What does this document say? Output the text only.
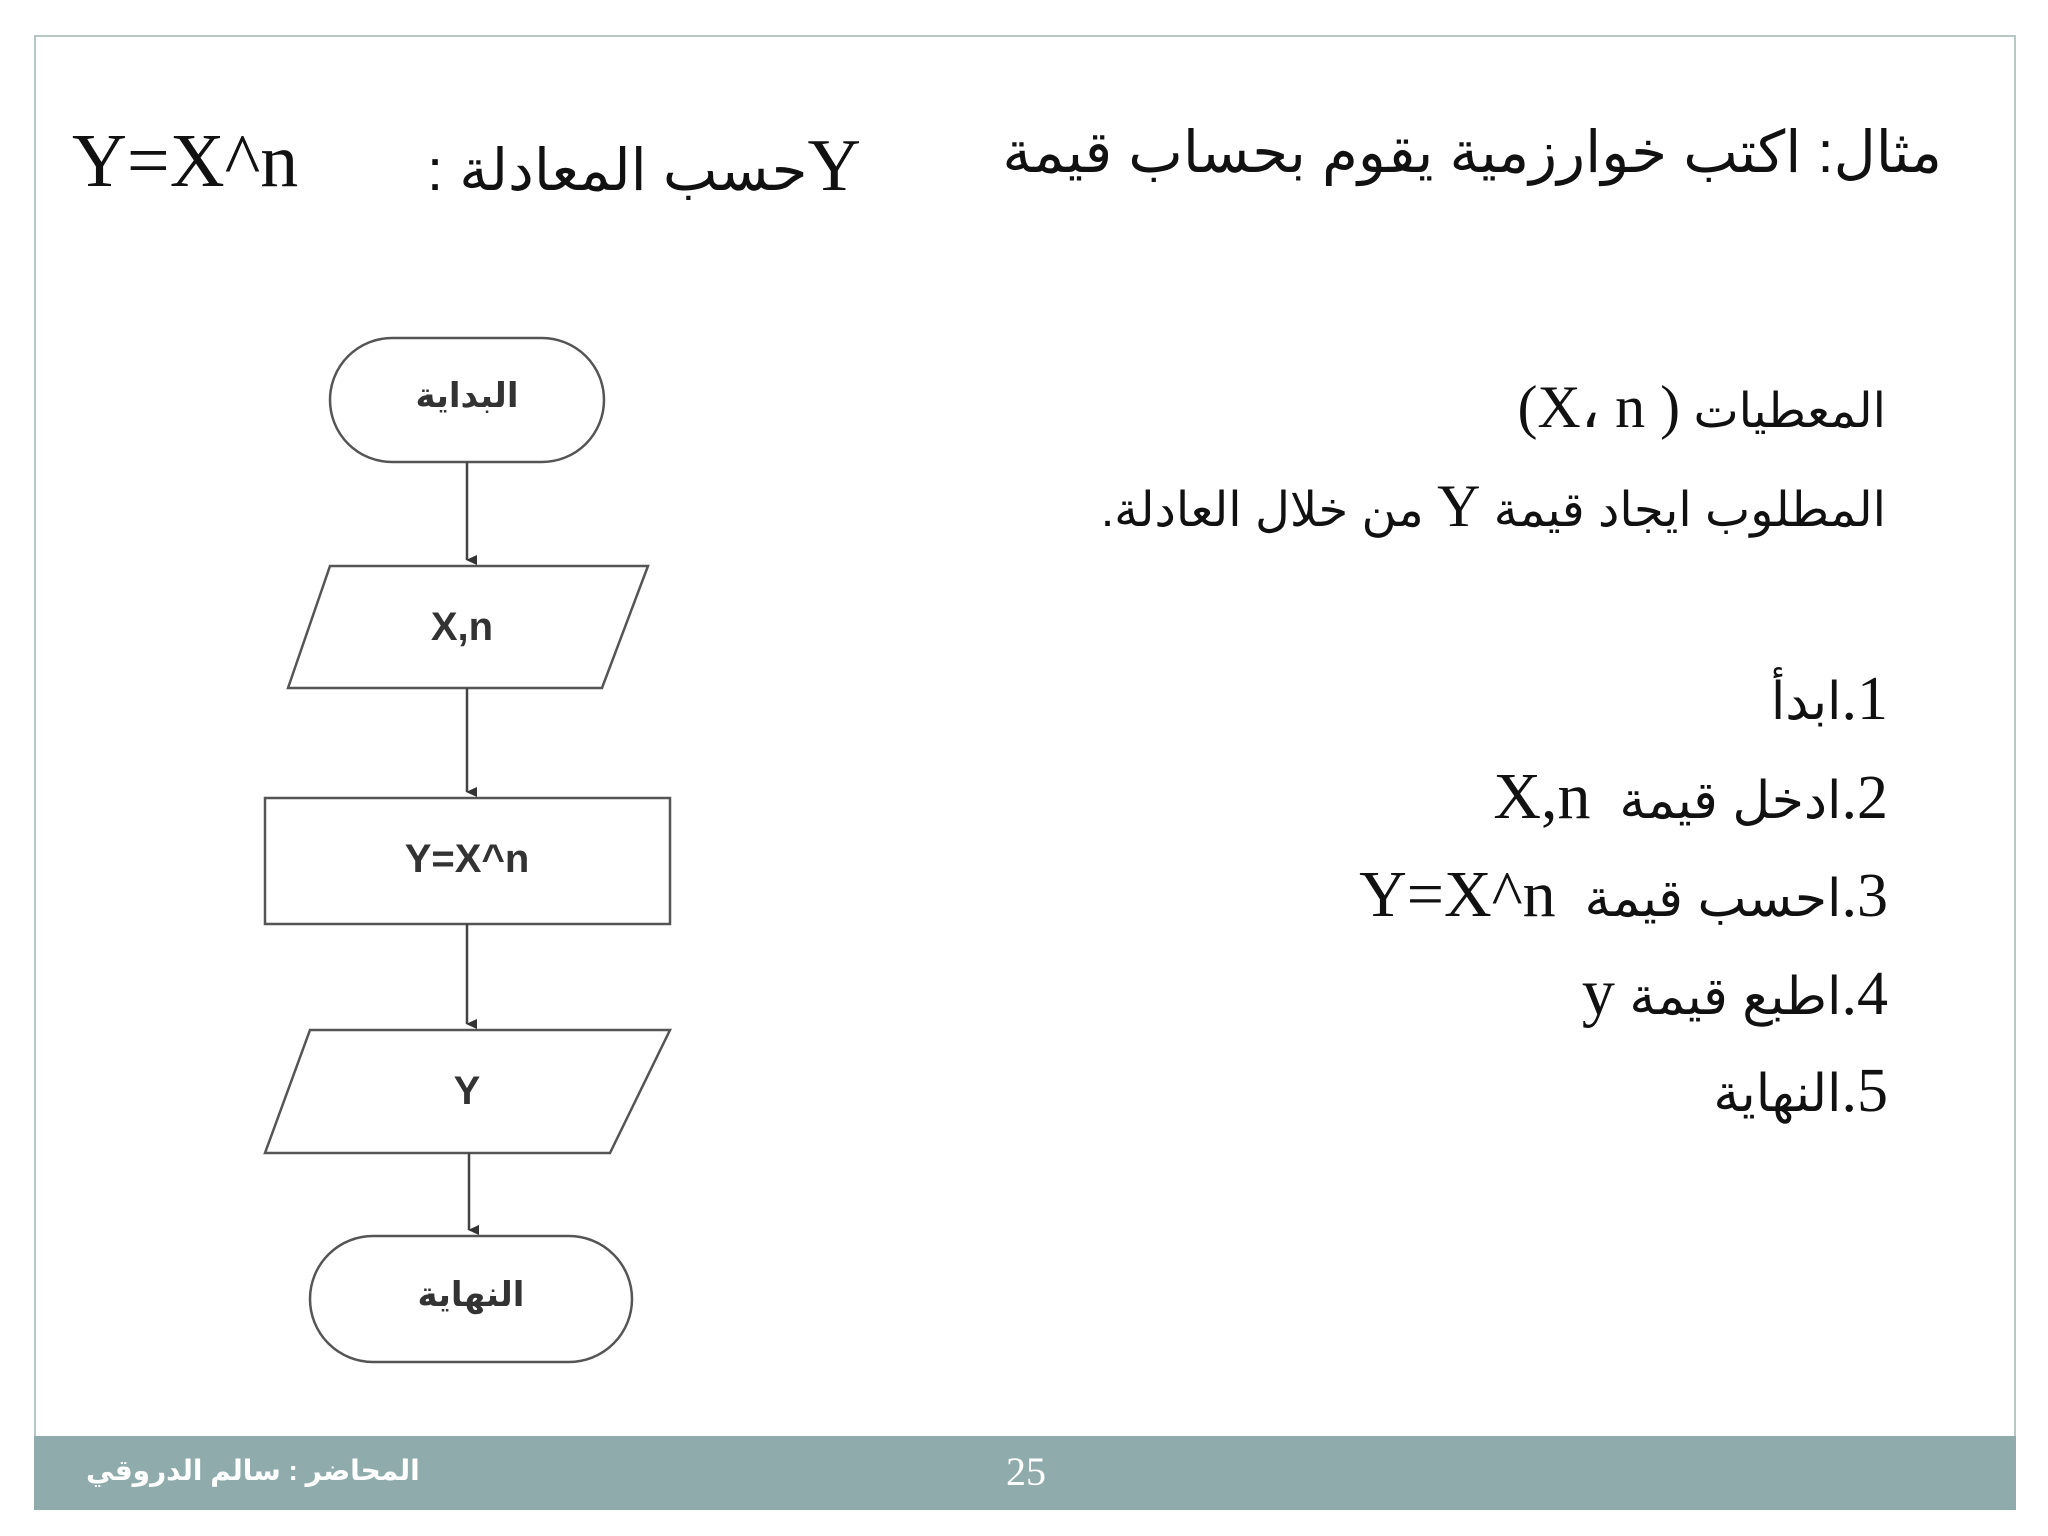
مثال: اكتب خوارزمية يقوم بحساب قيمة
Yحسب المعادلة :
Y=X^n
المعطيات ( X، n)
المطلوب ايجاد قيمة Y من خلال العادلة.
1.ابدأ
2.ادخل قيمة  X,n
3.احسب قيمة  Y=X^n
4.اطبع قيمة y
5.النهاية
البداية
X,n
Y=X^n
Y
النهاية
المحاضر : سالم الدروقي	25
